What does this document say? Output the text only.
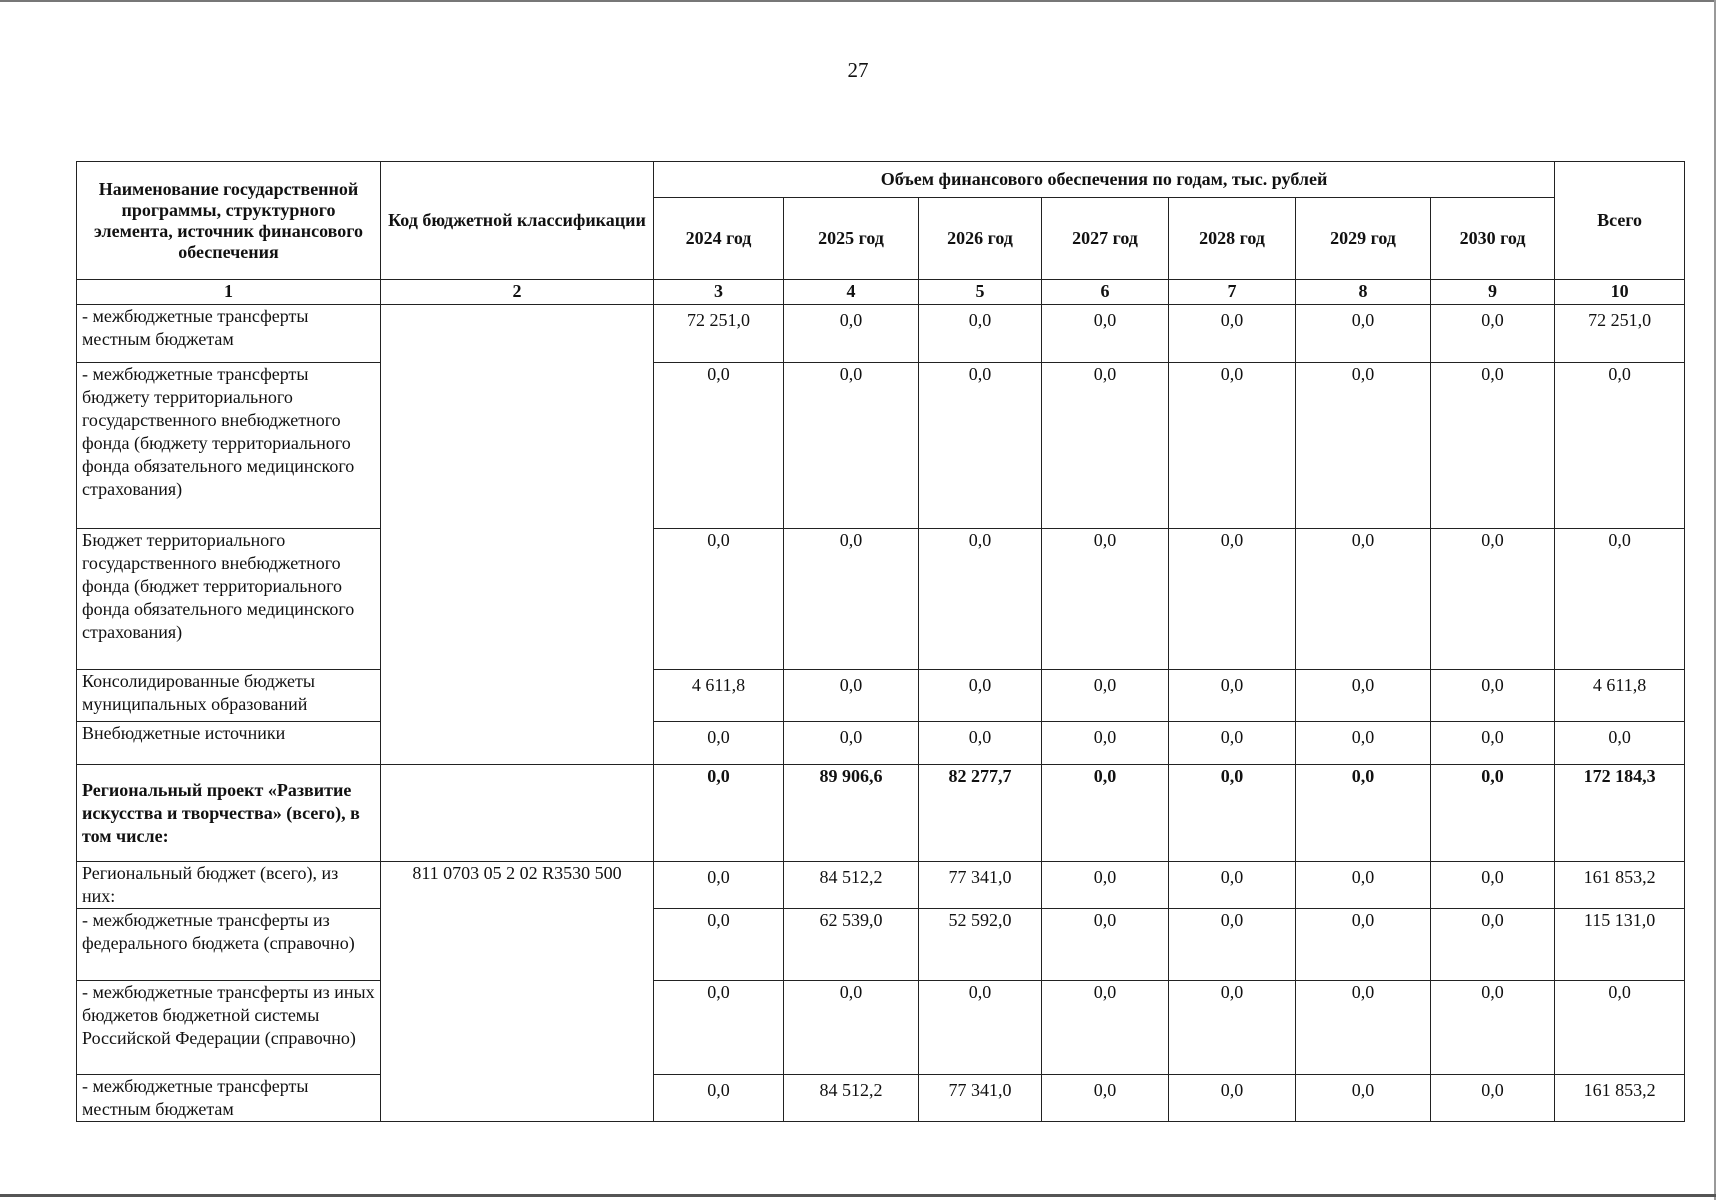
27
Наименование государственной программы, структурного элемента, источник финансового обеспечения	Код бюджетной классификации	Объем финансового обеспечения по годам, тыс. рублей							Всего
		2024 год	2025 год	2026 год	2027 год	2028 год	2029 год	2030 год	
1	2	3	4	5	6	7	8	9	10
- межбюджетные трансферты местным бюджетам		72 251,0	0,0	0,0	0,0	0,0	0,0	0,0	72 251,0
- межбюджетные трансферты бюджету территориального государственного внебюджетного фонда (бюджету территориального фонда обязательного медицинского страхования)		0,0	0,0	0,0	0,0	0,0	0,0	0,0	0,0
Бюджет территориального государственного внебюджетного фонда (бюджет территориального фонда обязательного медицинского страхования)		0,0	0,0	0,0	0,0	0,0	0,0	0,0	0,0
Консолидированные бюджеты муниципальных образований		4 611,8	0,0	0,0	0,0	0,0	0,0	0,0	4 611,8
Внебюджетные источники		0,0	0,0	0,0	0,0	0,0	0,0	0,0	0,0
Региональный проект «Развитие искусства и творчества» (всего), в том числе:		0,0	89 906,6	82 277,7	0,0	0,0	0,0	0,0	172 184,3
Региональный бюджет (всего), из них:	811 0703 05 2 02 R3530 500	0,0	84 512,2	77 341,0	0,0	0,0	0,0	0,0	161 853,2
- межбюджетные трансферты из федерального бюджета (справочно)		0,0	62 539,0	52 592,0	0,0	0,0	0,0	0,0	115 131,0
- межбюджетные трансферты из иных бюджетов бюджетной системы Российской Федерации (справочно)		0,0	0,0	0,0	0,0	0,0	0,0	0,0	0,0
- межбюджетные трансферты местным бюджетам		0,0	84 512,2	77 341,0	0,0	0,0	0,0	0,0	161 853,2
